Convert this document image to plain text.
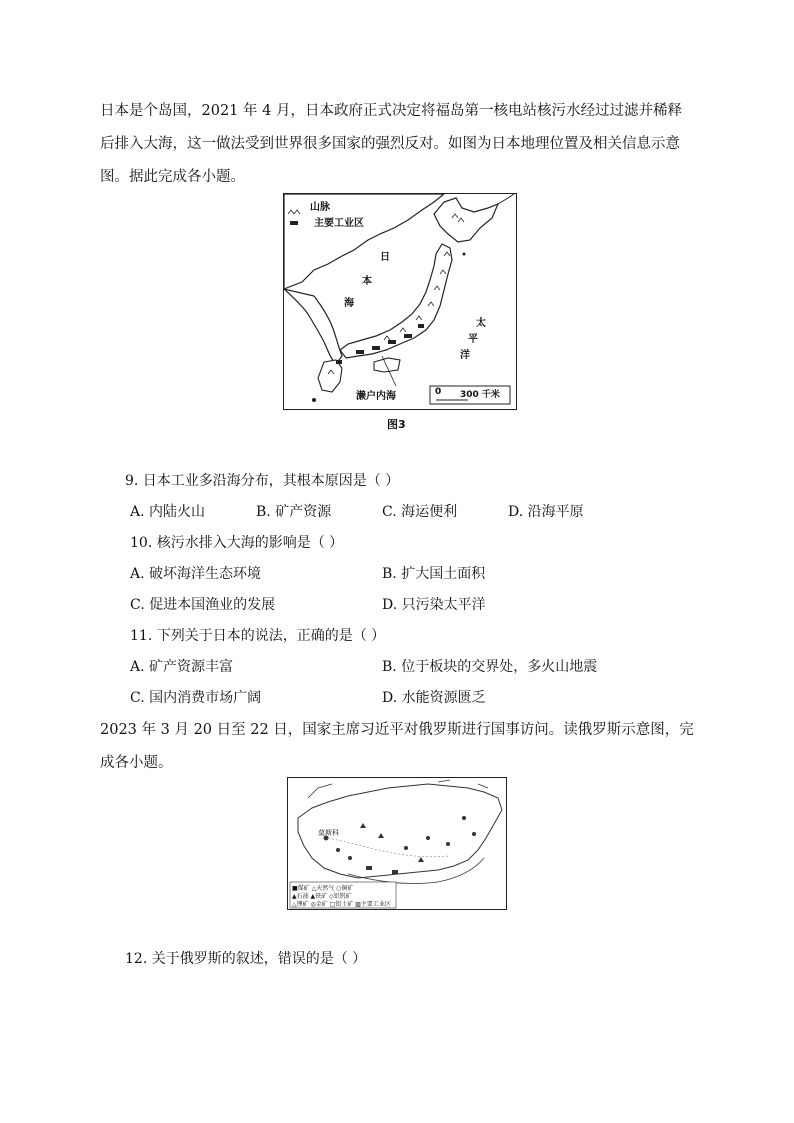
日本是个岛国，2021 年 4 月，日本政府正式决定将福岛第一核电站核污水经过过滤并稀释后排入大海，这一做法受到世界很多国家的强烈反对。如图为日本地理位置及相关信息示意图。据此完成各小题。
山脉
主要工业区
日
本
海
太
平
洋
濑户内海	0 300 千米
图3
9. 日本工业多沿海分布，其根本原因是（ ）
A. 内陆火山	B. 矿产资源	C. 海运便利	D. 沿海平原
10. 核污水排入大海的影响是（ ）
A. 破坏海洋生态环境	B. 扩大国土面积
C. 促进本国渔业的发展	D. 只污染太平洋
11. 下列关于日本的说法，正确的是（ ）
A. 矿产资源丰富	B. 位于板块的交界处，多火山地震
C. 国内消费市场广阔	D. 水能资源匮乏
2023 年 3 月 20 日至 22 日，国家主席习近平对俄罗斯进行国事访问。读俄罗斯示意图，完成各小题。
莫斯科
■煤矿 △天然气 ○铜矿
▲石油 ▲铁矿 ◇铝钒矿
△锂矿 ◎金矿 □铝土矿 ▨主要工业区
12. 关于俄罗斯的叙述，错误的是（ ）
